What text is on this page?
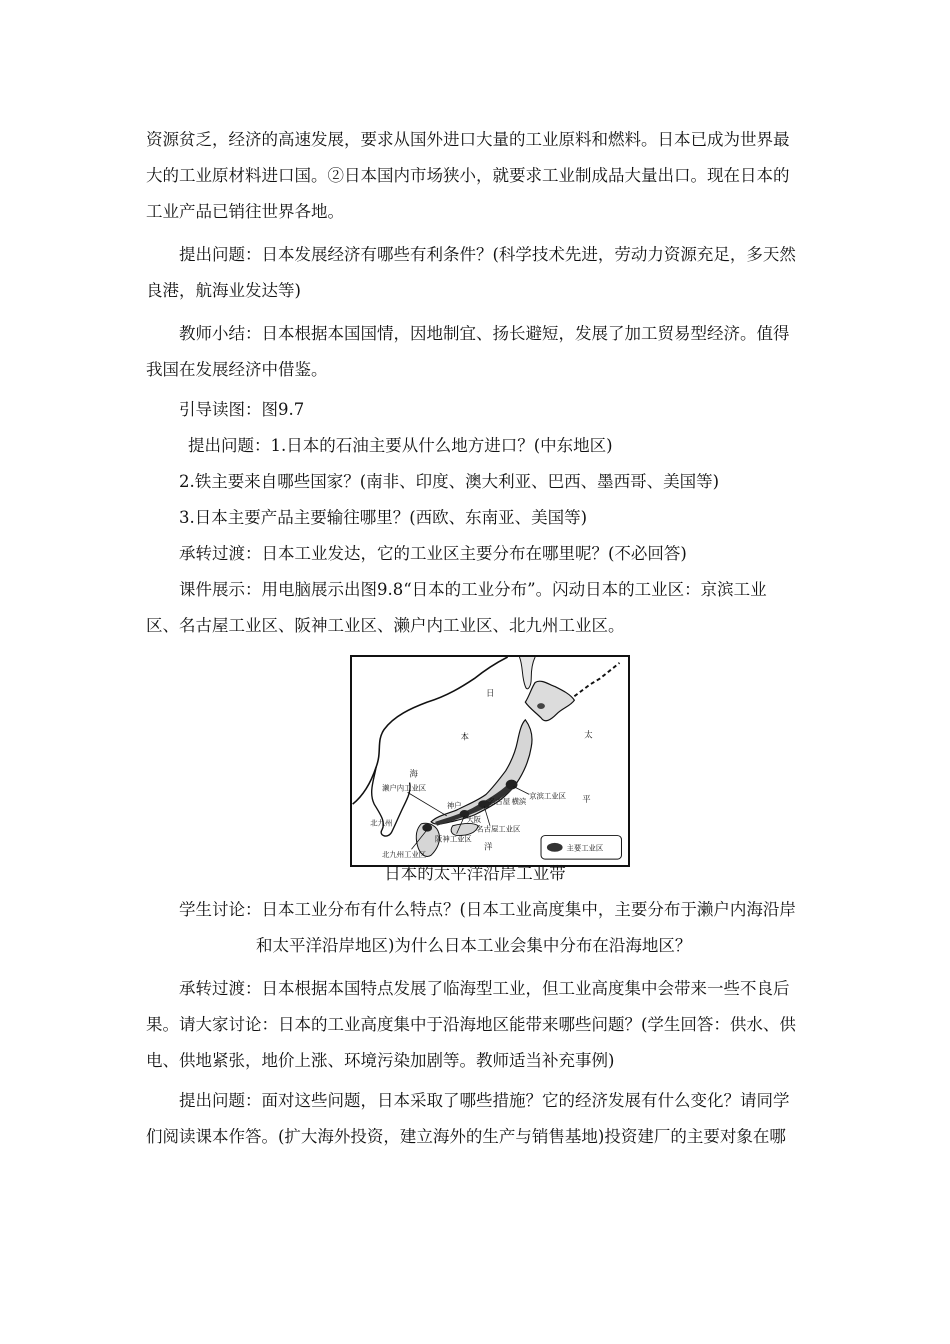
资源贫乏，经济的高速发展，要求从国外进口大量的工业原料和燃料。日本已成为世界最
大的工业原材料进口国。②日本国内市场狭小，就要求工业制成品大量出口。现在日本的
工业产品已销往世界各地。

提出问题：日本发展经济有哪些有利条件？(科学技术先进，劳动力资源充足，多天然
良港，航海业发达等)

教师小结：日本根据本国国情，因地制宜、扬长避短，发展了加工贸易型经济。值得
我国在发展经济中借鉴。

引导读图：图9.7

提出问题：1.日本的石油主要从什么地方进口？(中东地区)

2.铁主要来自哪些国家？(南非、印度、澳大利亚、巴西、墨西哥、美国等)

3.日本主要产品主要输往哪里？(西欧、东南亚、美国等)

承转过渡：日本工业发达，它的工业区主要分布在哪里呢？(不必回答)

课件展示：用电脑展示出图9.8“日本的工业分布”。闪动日本的工业区：京滨工业
区、名古屋工业区、阪神工业区、濑户内工业区、北九州工业区。

日
本
海
太
平
洋
濑户内工业区
京滨工业区
名古屋 横滨
神户
大阪
名古屋工业区
阪神工业区
北九州
北九州工业区
主要工业区

日本的太平洋沿岸工业带

学生讨论：日本工业分布有什么特点？(日本工业高度集中，主要分布于濑户内海沿岸
和太平洋沿岸地区)为什么日本工业会集中分布在沿海地区？

承转过渡：日本根据本国特点发展了临海型工业，但工业高度集中会带来一些不良后
果。请大家讨论：日本的工业高度集中于沿海地区能带来哪些问题？(学生回答：供水、供
电、供地紧张，地价上涨、环境污染加剧等。教师适当补充事例)

提出问题：面对这些问题，日本采取了哪些措施？它的经济发展有什么变化？请同学
们阅读课本作答。(扩大海外投资，建立海外的生产与销售基地)投资建厂的主要对象在哪
